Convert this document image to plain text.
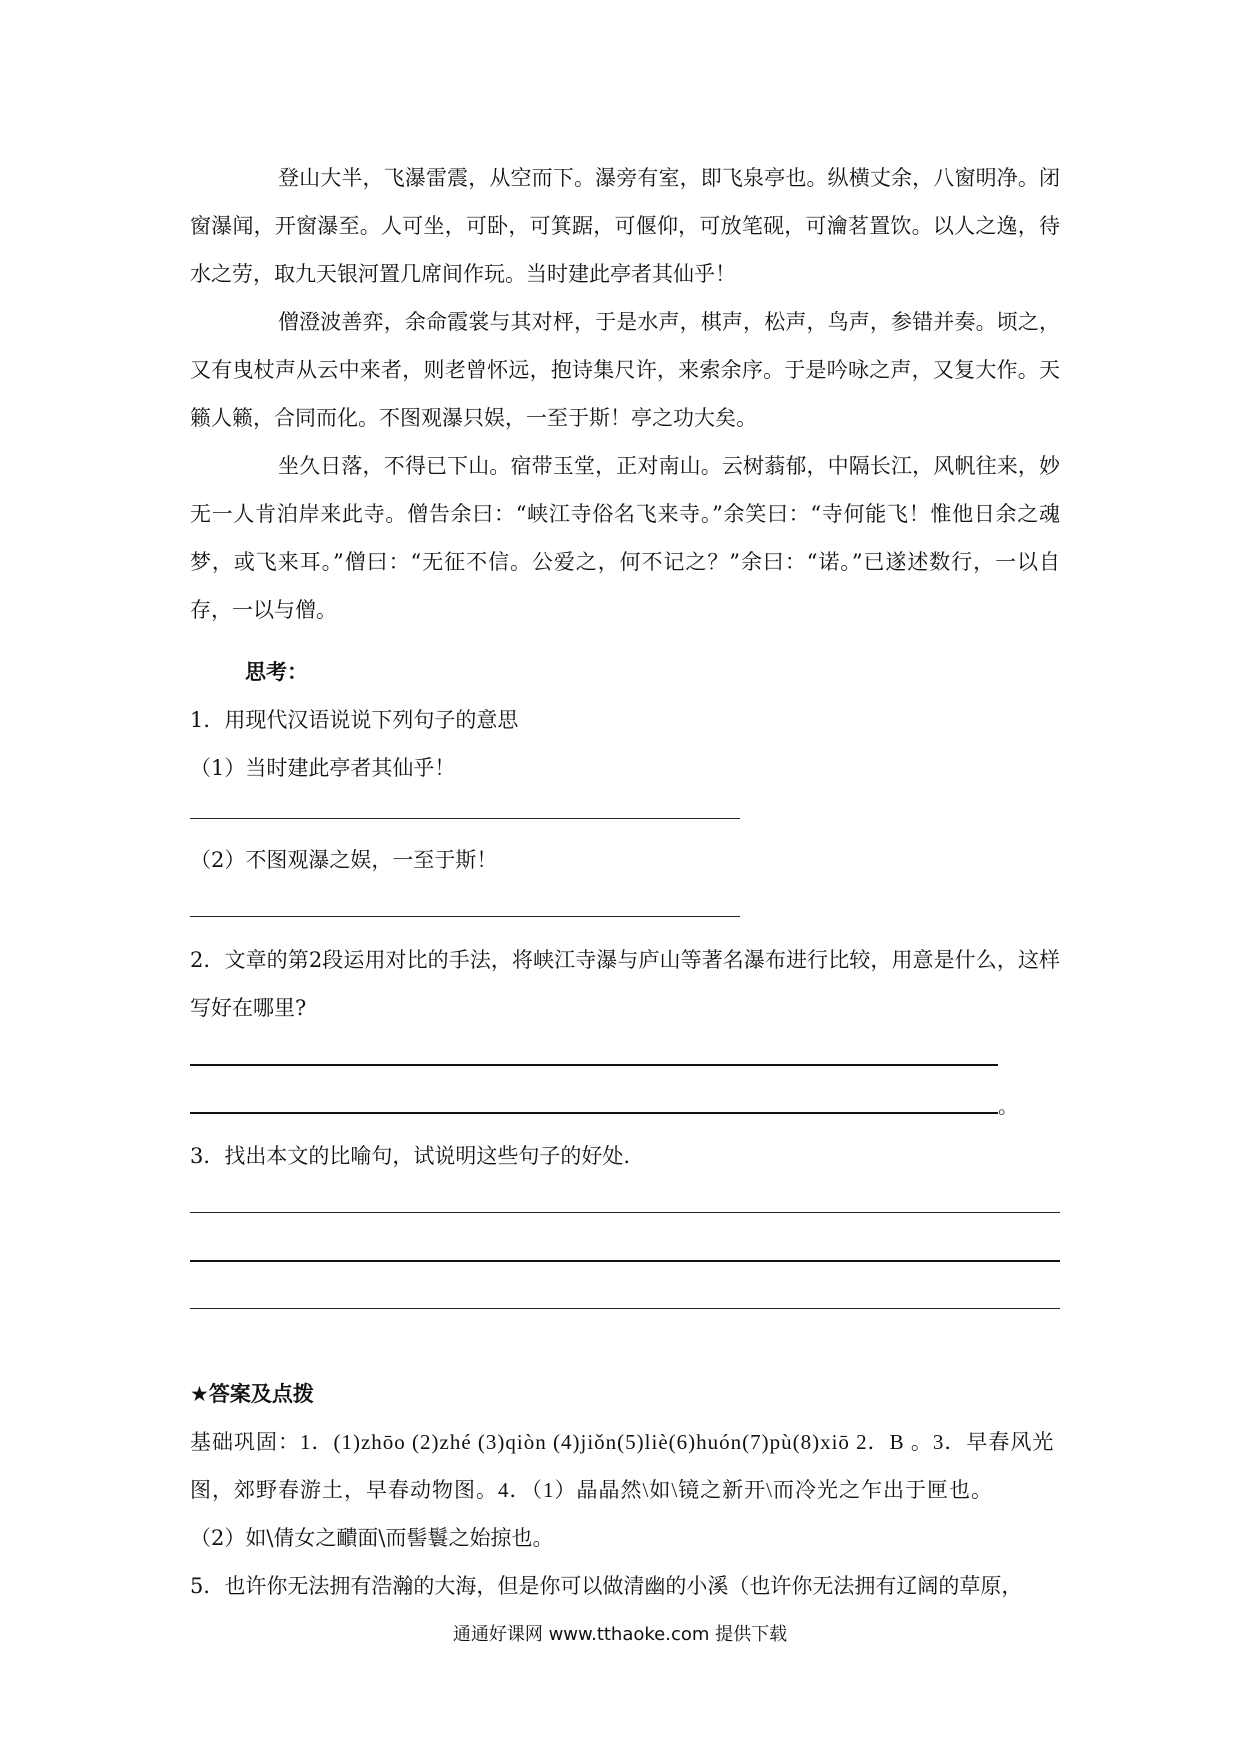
登山大半，飞瀑雷震，从空而下。瀑旁有室，即飞泉亭也。纵横丈余，八窗明净。闭窗瀑闻，开窗瀑至。人可坐，可卧，可箕踞，可偃仰，可放笔砚，可瀹茗置饮。以人之逸，待水之劳，取九天银河置几席间作玩。当时建此亭者其仙乎！

僧澄波善弈，余命霞裳与其对枰，于是水声，棋声，松声，鸟声，参错并奏。顷之，又有曳杖声从云中来者，则老曾怀远，抱诗集尺许，来索余序。于是吟咏之声，又复大作。天籁人籁，合同而化。不图观瀑只娱，一至于斯！亭之功大矣。

坐久日落，不得已下山。宿带玉堂，正对南山。云树蓊郁，中隔长江，风帆往来，妙无一人肯泊岸来此寺。僧告余曰：“峡江寺俗名飞来寺。”余笑曰：“寺何能飞！惟他日余之魂梦，或飞来耳。”僧曰：“无征不信。公爱之，何不记之？”余曰：“诺。”已遂述数行，一以自存，一以与僧。

思考：
1．用现代汉语说说下列句子的意思
（1）当时建此亭者其仙乎！
（2）不图观瀑之娱，一至于斯！

2．文章的第2段运用对比的手法，将峡江寺瀑与庐山等著名瀑布进行比较，用意是什么，这样写好在哪里?

。
3．找出本文的比喻句，试说明这些句子的好处.
★答案及点拨

基础巩固：1．(1)zhōo (2)zhé (3)qiòn (4)jiǒn(5)liè(6)huón(7)pù(8)xiō 2．B 。3．早春风光图，郊野春游土，早春动物图。4．（1）晶晶然\如\镜之新开\而冷光之乍出于匣也。

（2）如\倩女之靧面\而髻鬟之始掠也。

5．也许你无法拥有浩瀚的大海，但是你可以做清幽的小溪（也许你无法拥有辽阔的草原，

通通好课网 www.tthaoke.com 提供下载
